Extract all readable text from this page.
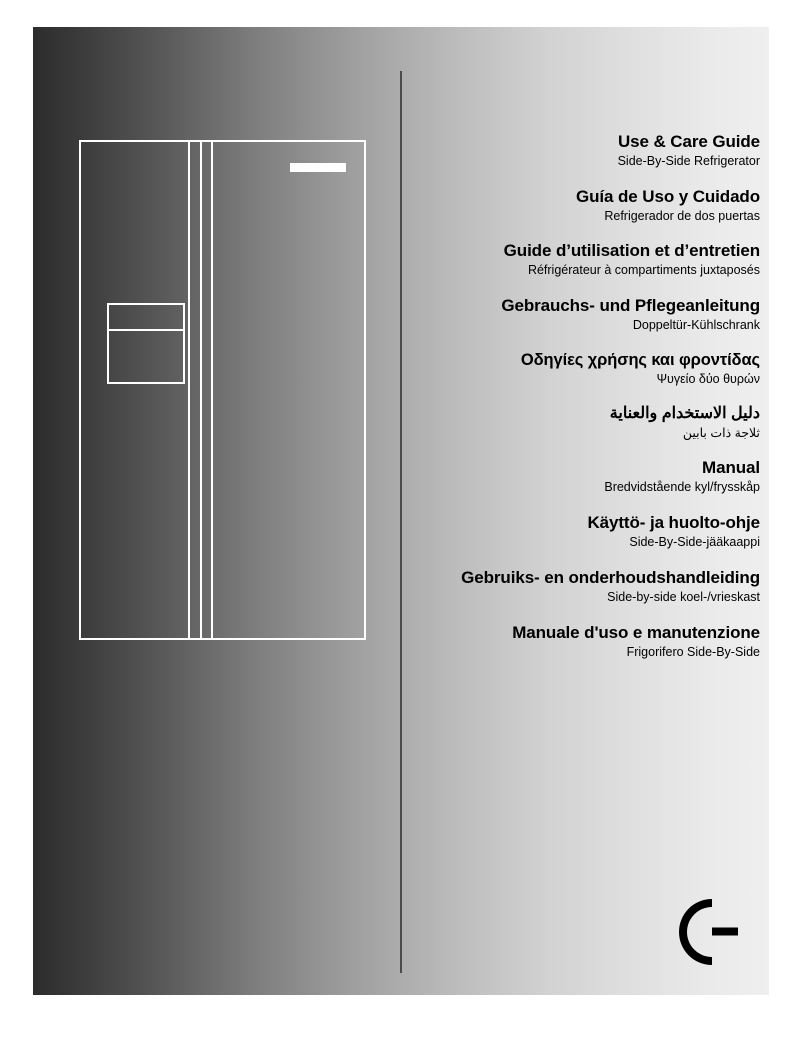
Use & Care Guide
Side-By-Side Refrigerator
Guía de Uso y Cuidado
Refrigerador de dos puertas
Guide d’utilisation et d’entretien
Réfrigérateur à compartiments juxtaposés
Gebrauchs- und Pflegeanleitung
Doppeltür-Kühlschrank
Οδηγίες χρήσης και φροντίδας
Ψυγείο δύο θυρών
دليل الاستخدام والعناية
ثلاجة ذات بابين
Manual
Bredvidstående kyl/frysskåp
Käyttö- ja huolto-ohje
Side-By-Side-jääkaappi
Gebruiks- en onderhoudshandleiding
Side-by-side koel-/vrieskast
Manuale d'uso e manutenzione
Frigorifero Side-By-Side
